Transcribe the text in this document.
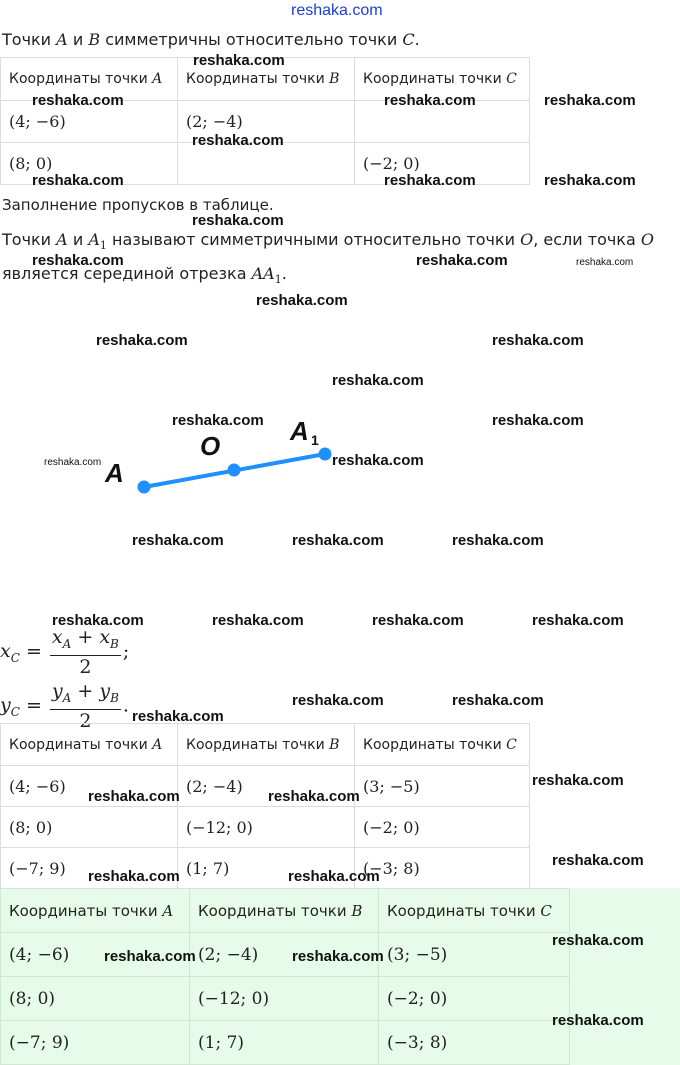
reshaka.com
Точки A и B симметричны относительно точки C.
Координаты точки A	Координаты точки B	Координаты точки C
(4; −6)	(2; −4)	
(8; 0)		(−2; 0)
Заполнение пропусков в таблице.
Точки A и $A_1$ называют симметричными относительно точки O, если точка O
является серединой отрезка $AA_1$.
A
O	A 1
$x_C = \frac{x_A + x_B}{2}$ ;
$y_C = \frac{y_A + y_B}{2}$ .
Координаты точки A	Координаты точки B	Координаты точки C
(4; −6)	(2; −4)	(3; −5)
(8; 0)	(−12; 0)	(−2; 0)
(−7; 9)	(1; 7)	(−3; 8)
Координаты точки A	Координаты точки B	Координаты точки C
(4; −6)	(2; −4)	(3; −5)
(8; 0)	(−12; 0)	(−2; 0)
(−7; 9)	(1; 7)	(−3; 8)
reshaka.com
reshaka.com	reshaka.com	reshaka.com
reshaka.com
reshaka.com	reshaka.com	reshaka.com
reshaka.com
reshaka.com	reshaka.com	reshaka.com
reshaka.com
reshaka.com	reshaka.com
reshaka.com
reshaka.com	reshaka.com
reshaka.com	reshaka.com
reshaka.com	reshaka.com	reshaka.com
reshaka.com	reshaka.com	reshaka.com	reshaka.com
reshaka.com	reshaka.com
reshaka.com
reshaka.com
reshaka.com	reshaka.com
reshaka.com
reshaka.com	reshaka.com
reshaka.com
reshaka.com	reshaka.com
reshaka.com
